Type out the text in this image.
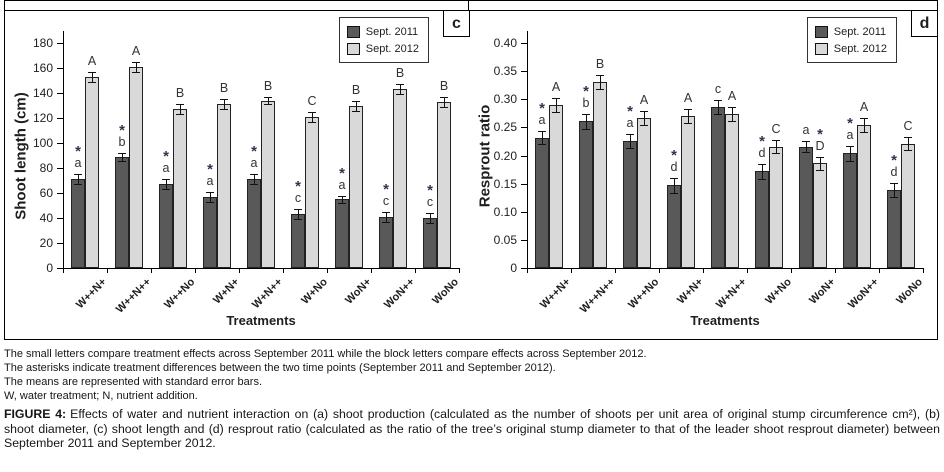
Shoot length (cm)
180
160
140
120
100
80
60
40
20
0
a
*
A
W++N+
b
*
A
W++N++
a
*
B
W++No
a
*
B
W+N+
a
*
B
W+N++
c
*
C
W+No
a
*
B
WoN+
c
*
B
WoN++
c
*
B
WoNo
Treatments
Sept. 2011
Sept. 2012
c
Resprout ratio
0.40
0.35
0.30
0.25
0.20
0.15
0.10
0.05
0
a
*
A
W++N+
b
*
B
W++N++
a
*
A
W++No
d
*
A
W+N+
c A
W+N++
d
*
C
W+No
a
D
*
WoN+
a
*
A
WoN++
d
*
C
WoNo
Treatments
Sept. 2011
Sept. 2012
d
The small letters compare treatment effects across September 2011 while the block letters compare effects across September 2012.
The asterisks indicate treatment differences between the two time points (September 2011 and September 2012).
The means are represented with standard error bars.
W, water treatment; N, nutrient addition.

FIGURE 4: Effects of water and nutrient interaction on (a) shoot production (calculated as the number of shoots per unit area of original stump circumference cm²), (b) shoot diameter, (c) shoot length and (d) resprout ratio (calculated as the ratio of the tree’s original stump diameter to that of the leader shoot resprout diameter) between September 2011 and September 2012.
